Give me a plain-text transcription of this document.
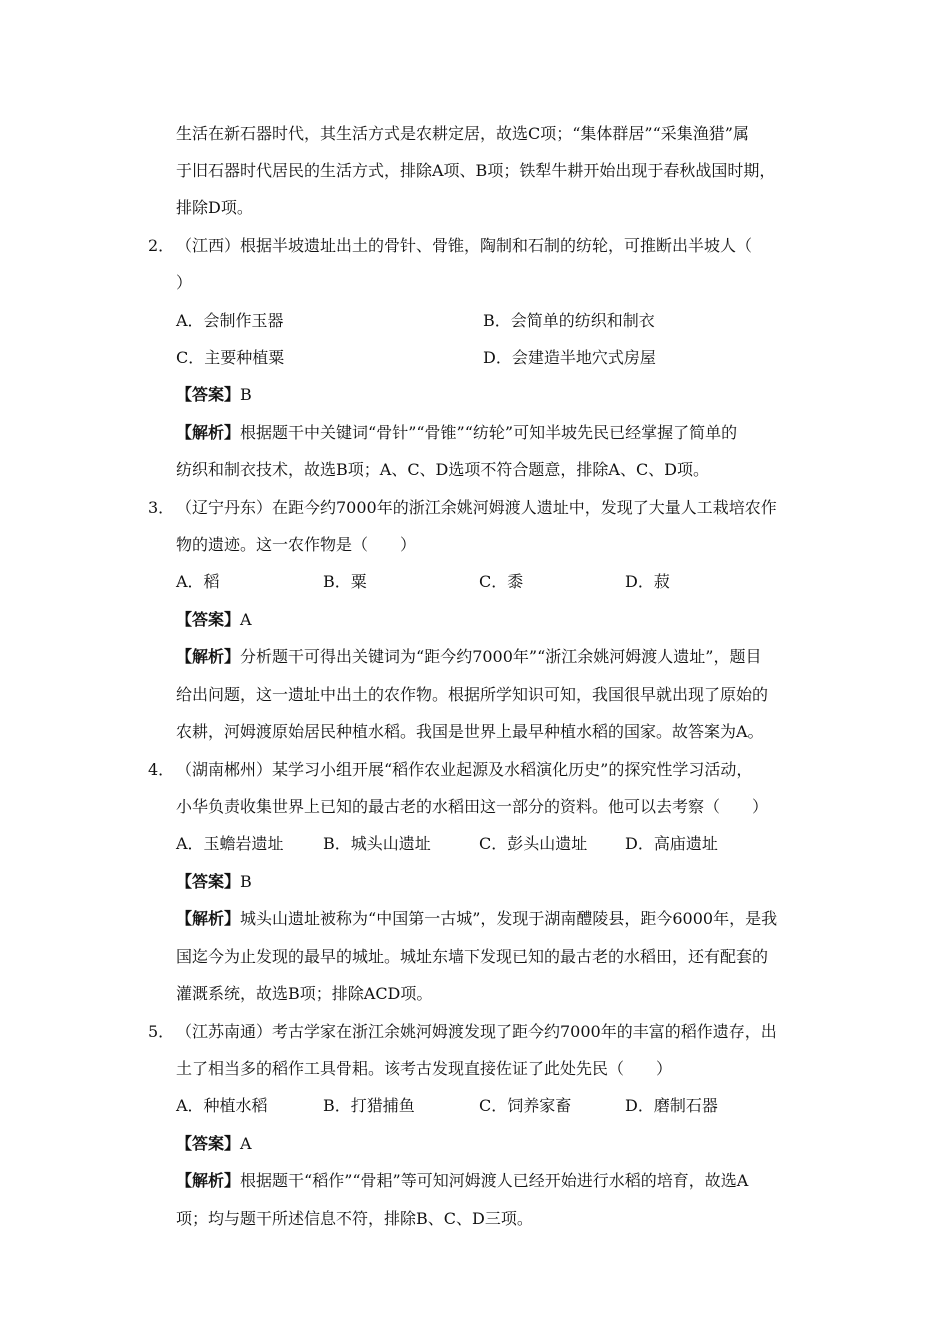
生活在新石器时代，其生活方式是农耕定居，故选C项；“集体群居”“采集渔猎”属
于旧石器时代居民的生活方式，排除A项、B项；铁犁牛耕开始出现于春秋战国时期，
排除D项。
2． （江西）根据半坡遗址出土的骨针、骨锥，陶制和石制的纺轮，可推断出半坡人（
）
A．会制作玉器	B．会简单的纺织和制衣
C．主要种植粟	D．会建造半地穴式房屋
【答案】B
【解析】根据题干中关键词“骨针”“骨锥”“纺轮”可知半坡先民已经掌握了简单的
纺织和制衣技术，故选B项；A、C、D选项不符合题意，排除A、C、D项。
3． （辽宁丹东）在距今约7000年的浙江余姚河姆渡人遗址中，发现了大量人工栽培农作
物的遗迹。这一农作物是（　　）
A．稻	B．粟	C．黍	D．菽
【答案】A
【解析】分析题干可得出关键词为“距今约7000年”“浙江余姚河姆渡人遗址”，题目
给出问题，这一遗址中出土的农作物。根据所学知识可知，我国很早就出现了原始的
农耕，河姆渡原始居民种植水稻。我国是世界上最早种植水稻的国家。故答案为A。
4． （湖南郴州）某学习小组开展“稻作农业起源及水稻演化历史”的探究性学习活动，
小华负责收集世界上已知的最古老的水稻田这一部分的资料。他可以去考察（　　）
A．玉蟾岩遗址 B．城头山遗址	C．彭头山遗址 D．高庙遗址
【答案】B
【解析】城头山遗址被称为“中国第一古城”，发现于湖南醴陵县，距今6000年，是我
国迄今为止发现的最早的城址。城址东墙下发现已知的最古老的水稻田，还有配套的
灌溉系统，故选B项；排除ACD项。
5． （江苏南通）考古学家在浙江余姚河姆渡发现了距今约7000年的丰富的稻作遗存，出
土了相当多的稻作工具骨耜。该考古发现直接佐证了此处先民（　　）
A．种植水稻	B．打猎捕鱼	C．饲养家畜	D．磨制石器
【答案】A
【解析】根据题干“稻作”“骨耜”等可知河姆渡人已经开始进行水稻的培育，故选A
项；均与题干所述信息不符，排除B、C、D三项。
